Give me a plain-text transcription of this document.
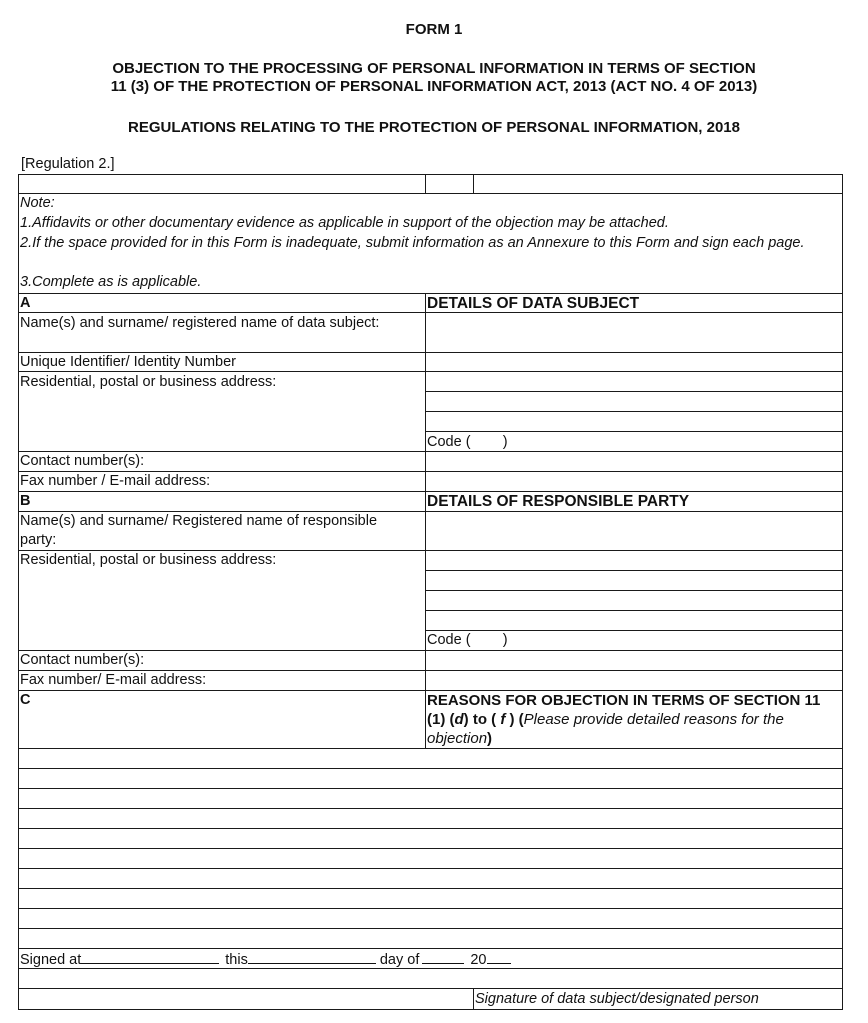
FORM 1
OBJECTION TO THE PROCESSING OF PERSONAL INFORMATION IN TERMS OF SECTION
11 (3) OF THE PROTECTION OF PERSONAL INFORMATION ACT, 2013 (ACT NO. 4 OF 2013)
REGULATIONS RELATING TO THE PROTECTION OF PERSONAL INFORMATION, 2018
[Regulation 2.]
Note:
1.Affidavits or other documentary evidence as applicable in support of the objection may be attached.
2.If the space provided for in this Form is inadequate, submit information as an Annexure to this Form and sign each page.
3.Complete as is applicable.
A	DETAILS OF DATA SUBJECT
Name(s) and surname/ registered name of data subject:
Unique Identifier/ Identity Number
Residential, postal or business address:
Code (        )
Contact number(s):
Fax number / E-mail address:
B	DETAILS OF RESPONSIBLE PARTY
Name(s) and surname/ Registered name of responsible party:
Residential, postal or business address:
Code (        )
Contact number(s):
Fax number/ E-mail address:
C	REASONS FOR OBJECTION IN TERMS OF SECTION 11 (1) (d) to ( f ) (Please provide detailed reasons for the objection)
Signed at	this	day of	20
Signature of data subject/designated person
